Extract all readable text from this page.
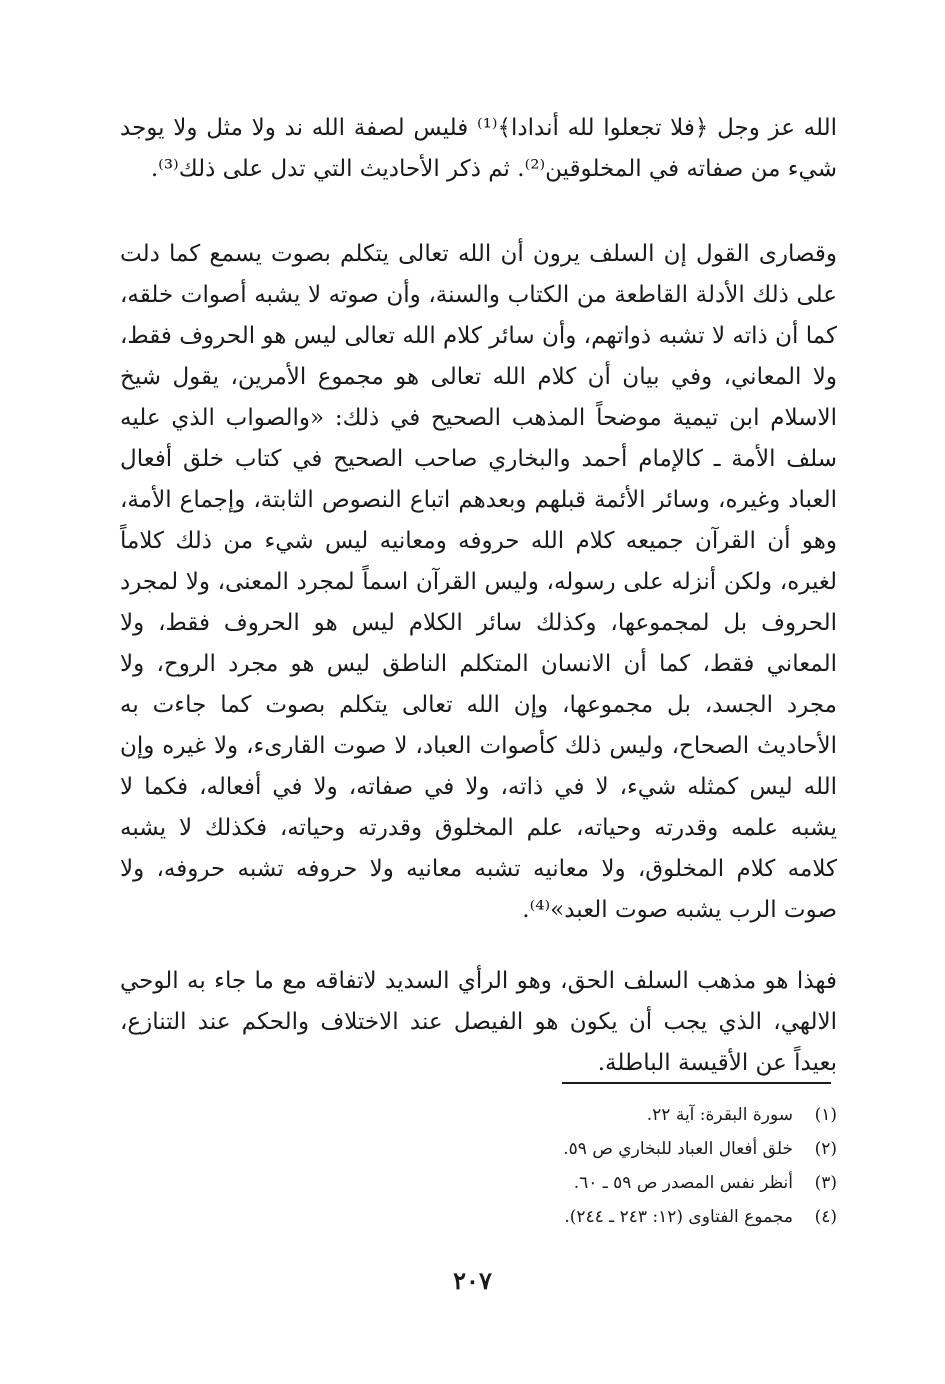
الله عز وجل ﴿فلا تجعلوا لله أندادا﴾⁽¹⁾ فليس لصفة الله ند ولا مثل ولا يوجد شيء من صفاته في المخلوقين⁽²⁾. ثم ذكر الأحاديث التي تدل على ذلك⁽³⁾.

وقصارى القول إن السلف يرون أن الله تعالى يتكلم بصوت يسمع كما دلت على ذلك الأدلة القاطعة من الكتاب والسنة، وأن صوته لا يشبه أصوات خلقه، كما أن ذاته لا تشبه ذواتهم، وأن سائر كلام الله تعالى ليس هو الحروف فقط، ولا المعاني، وفي بيان أن كلام الله تعالى هو مجموع الأمرين، يقول شيخ الاسلام ابن تيمية موضحاً المذهب الصحيح في ذلك: «والصواب الذي عليه سلف الأمة ـ كالإمام أحمد والبخاري صاحب الصحيح في كتاب خلق أفعال العباد وغيره، وسائر الأئمة قبلهم وبعدهم اتباع النصوص الثابتة، وإجماع الأمة، وهو أن القرآن جميعه كلام الله حروفه ومعانيه ليس شيء من ذلك كلاماً لغيره، ولكن أنزله على رسوله، وليس القرآن اسماً لمجرد المعنى، ولا لمجرد الحروف بل لمجموعها، وكذلك سائر الكلام ليس هو الحروف فقط، ولا المعاني فقط، كما أن الانسان المتكلم الناطق ليس هو مجرد الروح، ولا مجرد الجسد، بل مجموعها، وإن الله تعالى يتكلم بصوت كما جاءت به الأحاديث الصحاح، وليس ذلك كأصوات العباد، لا صوت القارىء، ولا غيره وإن الله ليس كمثله شيء، لا في ذاته، ولا في صفاته، ولا في أفعاله، فكما لا يشبه علمه وقدرته وحياته، علم المخلوق وقدرته وحياته، فكذلك لا يشبه كلامه كلام المخلوق، ولا معانيه تشبه معانيه ولا حروفه تشبه حروفه، ولا صوت الرب يشبه صوت العبد»⁽⁴⁾.

فهذا هو مذهب السلف الحق، وهو الرأي السديد لاتفاقه مع ما جاء به الوحي الالهي، الذي يجب أن يكون هو الفيصل عند الاختلاف والحكم عند التنازع، بعيداً عن الأقيسة الباطلة.

(١)
سورة البقرة: آية ٢٢.
(٢)
خلق أفعال العباد للبخاري ص ٥٩.
(٣)
أنظر نفس المصدر ص ٥٩ ـ ٦٠.
(٤)
مجموع الفتاوى (١٢: ٢٤٣ ـ ٢٤٤).
٢٠٧
